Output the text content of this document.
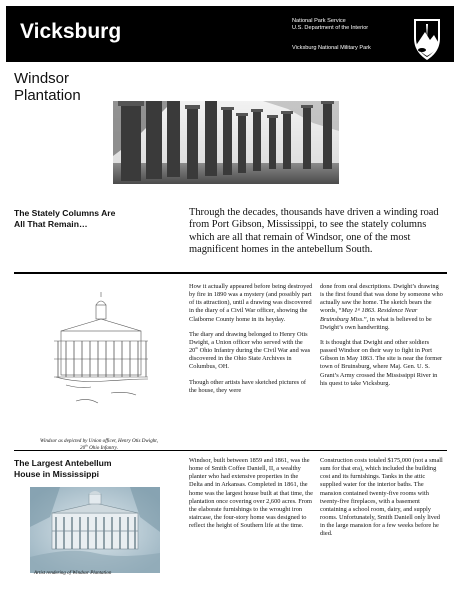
Vicksburg	National Park Service
U.S. Department of the Interior
Vicksburg National Military Park
Windsor
Plantation
The Stately Columns Are
All That Remain…
Through the decades, thousands have driven a winding road from Port Gibson, Mississippi, to see the stately columns which are all that remain of Windsor, one of the most magnificent homes in the antebellum South.
Windsor as depicted by Union officer, Henry Otis Dwight, 20th Ohio Infantry.

How it actually appeared before being destroyed by fire in 1890 was a mystery (and possibly part of its attraction), until a drawing was discovered in the diary of a Civil War officer, showing the Claiborne County home in its heyday.

The diary and drawing belonged to Henry Otis Dwight, a Union officer who served with the 20th Ohio Infantry during the Civil War and was discovered in the Ohio State Archives in Columbus, OH.

Though other artists have sketched pictures of the house, they were

done from oral descriptions. Dwight’s drawing is the first found that was done by someone who actually saw the home. The sketch bears the words, “May 1ˢᵗ 1863. Residence Near Bruinsburg Miss.”, in what is believed to be Dwight’s own handwriting.

It is thought that Dwight and other soldiers passed Windsor on their way to fight in Port Gibson in May 1863. The site is near the former town of Bruinsburg, where Maj. Gen. U. S. Grant’s Army crossed the Mississippi River in his quest to take Vicksburg.

The Largest Antebellum
House in Mississippi
Artist rendering of Windsor Plantation

Windsor, built between 1859 and 1861, was the home of Smith Coffee Daniell, II, a wealthy planter who had extensive properties in the Delta and in Arkansas. Completed in 1861, the home was the largest house built at that time, the plantation once covering over 2,600 acres. From the elaborate furnishings to the wrought iron staircase, the four-story home was designed to reflect the height of Southern life at the time.

Construction costs totaled $175,000 (not a small sum for that era), which included the building cost and its furnishings. Tanks in the attic supplied water for the interior baths. The mansion contained twenty-five rooms with twenty-five fireplaces, with a basement containing a school room, dairy, and supply rooms. Unfortunately, Smith Daniell only lived in the large mansion for a few weeks before he died.
